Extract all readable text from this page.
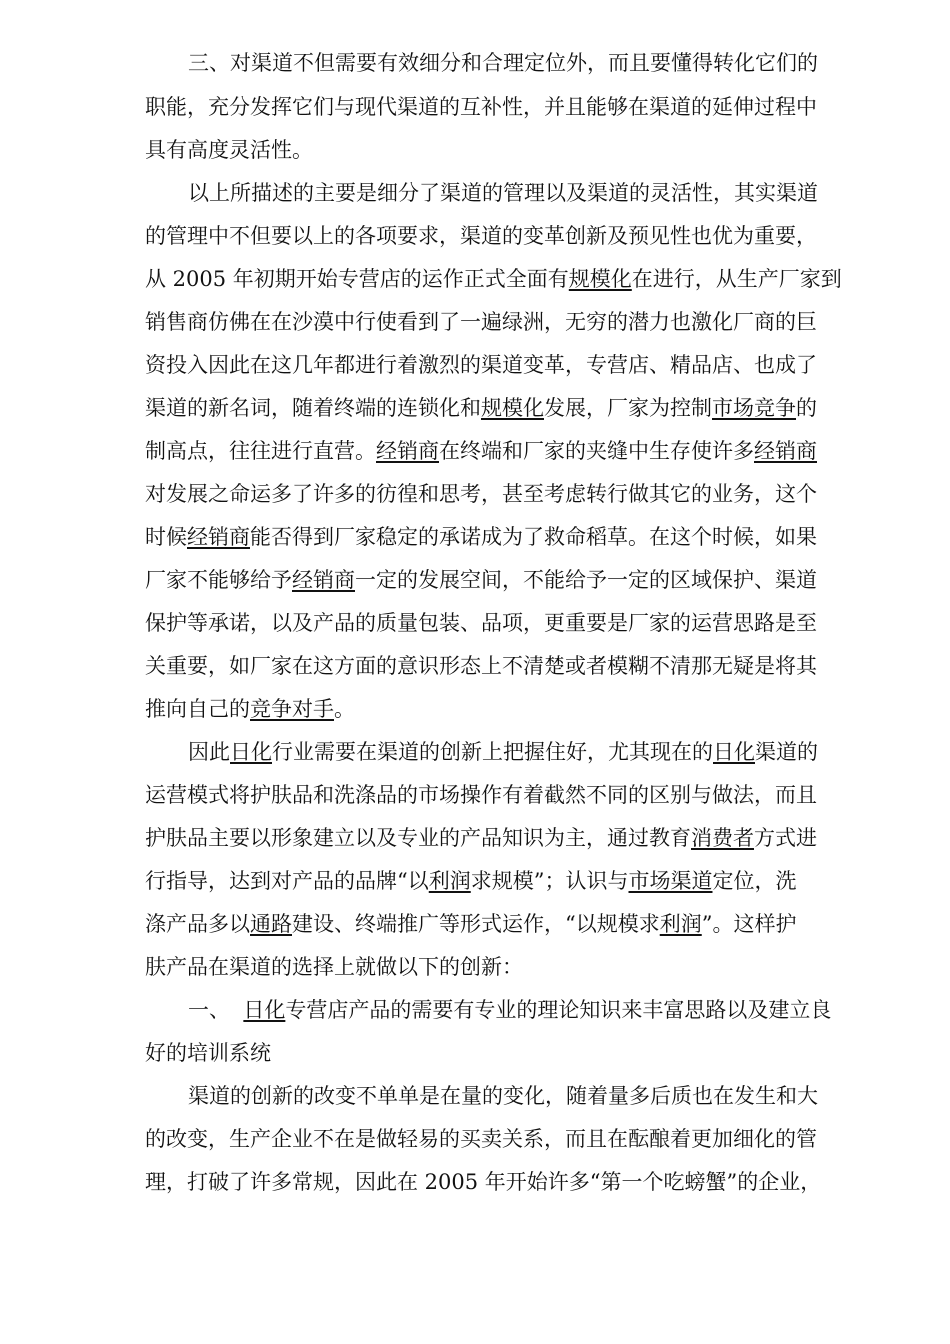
三、对渠道不但需要有效细分和合理定位外，而且要懂得转化它们的
职能，充分发挥它们与现代渠道的互补性，并且能够在渠道的延伸过程中
具有高度灵活性。
以上所描述的主要是细分了渠道的管理以及渠道的灵活性，其实渠道
的管理中不但要以上的各项要求，渠道的变革创新及预见性也优为重要，
从 2005 年初期开始专营店的运作正式全面有规模化在进行，从生产厂家到
销售商仿佛在在沙漠中行使看到了一遍绿洲，无穷的潜力也激化厂商的巨
资投入因此在这几年都进行着激烈的渠道变革，专营店、精品店、也成了
渠道的新名词，随着终端的连锁化和规模化发展，厂家为控制市场竞争的
制高点，往往进行直营。经销商在终端和厂家的夹缝中生存使许多经销商
对发展之命运多了许多的彷徨和思考，甚至考虑转行做其它的业务，这个
时候经销商能否得到厂家稳定的承诺成为了救命稻草。在这个时候，如果
厂家不能够给予经销商一定的发展空间，不能给予一定的区域保护、渠道
保护等承诺，以及产品的质量包装、品项，更重要是厂家的运营思路是至
关重要，如厂家在这方面的意识形态上不清楚或者模糊不清那无疑是将其
推向自己的竞争对手。
因此日化行业需要在渠道的创新上把握住好，尤其现在的日化渠道的
运营模式将护肤品和洗涤品的市场操作有着截然不同的区别与做法，而且
护肤品主要以形象建立以及专业的产品知识为主，通过教育消费者方式进
行指导，达到对产品的品牌“以利润求规模”；认识与市场渠道定位，洗
涤产品多以通路建设、终端推广等形式运作，“以规模求利润”。这样护
肤产品在渠道的选择上就做以下的创新：
一、  日化专营店产品的需要有专业的理论知识来丰富思路以及建立良
好的培训系统
渠道的创新的改变不单单是在量的变化，随着量多后质也在发生和大
的改变，生产企业不在是做轻易的买卖关系，而且在酝酿着更加细化的管
理，打破了许多常规，因此在 2005 年开始许多“第一个吃螃蟹”的企业，
